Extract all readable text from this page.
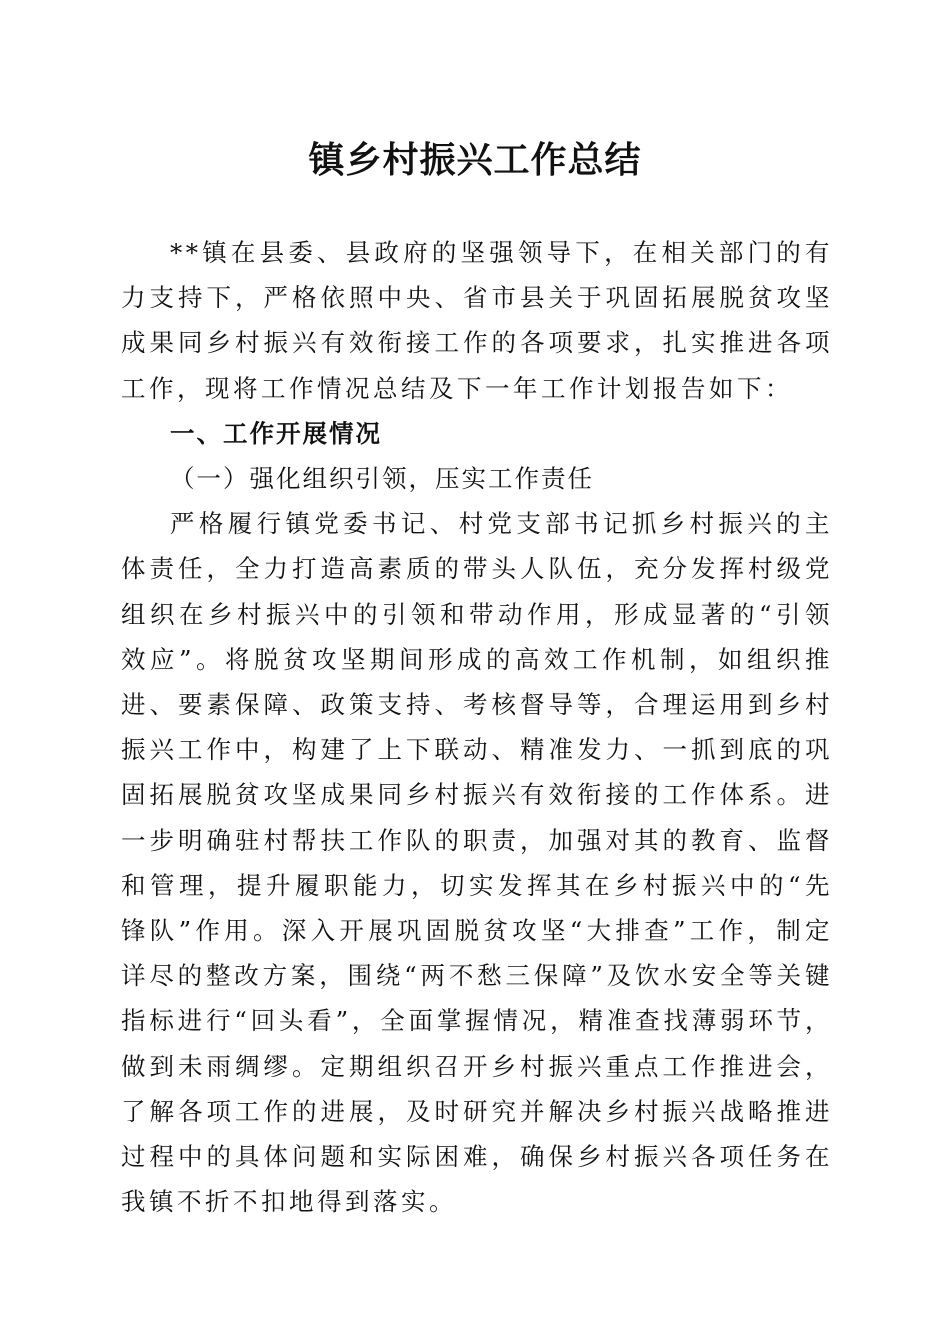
镇乡村振兴工作总结

**镇在县委、县政府的坚强领导下，在相关部门的有力支持下，严格依照中央、省市县关于巩固拓展脱贫攻坚成果同乡村振兴有效衔接工作的各项要求，扎实推进各项工作，现将工作情况总结及下一年工作计划报告如下：

一、工作开展情况

（一）强化组织引领，压实工作责任

严格履行镇党委书记、村党支部书记抓乡村振兴的主体责任，全力打造高素质的带头人队伍，充分发挥村级党组织在乡村振兴中的引领和带动作用，形成显著的“引领效应”。将脱贫攻坚期间形成的高效工作机制，如组织推进、要素保障、政策支持、考核督导等，合理运用到乡村振兴工作中，构建了上下联动、精准发力、一抓到底的巩固拓展脱贫攻坚成果同乡村振兴有效衔接的工作体系。进一步明确驻村帮扶工作队的职责，加强对其的教育、监督和管理，提升履职能力，切实发挥其在乡村振兴中的“先锋队”作用。深入开展巩固脱贫攻坚“大排查”工作，制定详尽的整改方案，围绕“两不愁三保障”及饮水安全等关键指标进行“回头看”，全面掌握情况，精准查找薄弱环节，做到未雨绸缪。定期组织召开乡村振兴重点工作推进会，了解各项工作的进展，及时研究并解决乡村振兴战略推进过程中的具体问题和实际困难，确保乡村振兴各项任务在我镇不折不扣地得到落实。
